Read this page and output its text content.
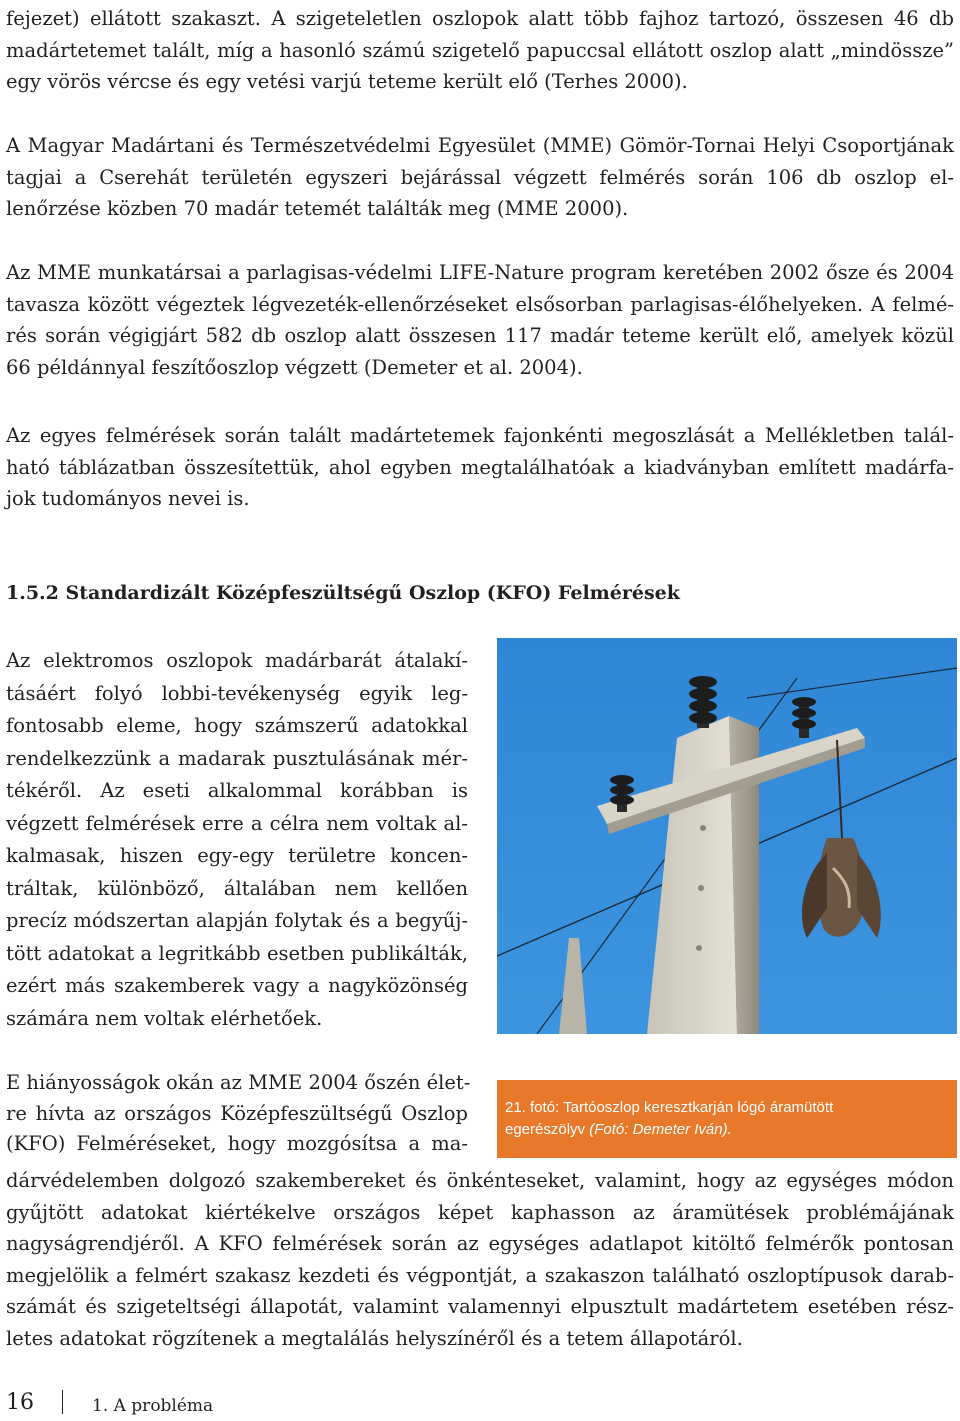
fejezet) ellátott szakaszt. A szigeteletlen oszlopok alatt több fajhoz tartozó, összesen 46 db
madártetemet talált, míg a hasonló számú szigetelő papuccsal ellátott oszlop alatt „mindössze”
egy vörös vércse és egy vetési varjú teteme került elő (Terhes 2000).
A Magyar Madártani és Természetvédelmi Egyesület (MME) Gömör-Tornai Helyi Csoportjának
tagjai a Cserehát területén egyszeri bejárással végzett felmérés során 106 db oszlop el-
lenőrzése közben 70 madár tetemét találták meg (MME 2000).
Az MME munkatársai a parlagisas-védelmi LIFE-Nature program keretében 2002 ősze és 2004
tavasza között végeztek légvezeték-ellenőrzéseket elsősorban parlagisas-élőhelyeken. A felmé-
rés során végigjárt 582 db oszlop alatt összesen 117 madár teteme került elő, amelyek közül
66 példánnyal feszítőoszlop végzett (Demeter et al. 2004).
Az egyes felmérések során talált madártetemek fajonkénti megoszlását a Mellékletben talál-
ható táblázatban összesítettük, ahol egyben megtalálhatóak a kiadványban említett madárfa-
jok tudományos nevei is.
1.5.2 Standardizált Középfeszültségű Oszlop (KFO) Felmérések
Az elektromos oszlopok madárbarát átalakí-
tásáért folyó lobbi-tevékenység egyik leg-
fontosabb eleme, hogy számszerű adatokkal
rendelkezzünk a madarak pusztulásának mér-
tékéről. Az eseti alkalommal korábban is
végzett felmérések erre a célra nem voltak al-
kalmasak, hiszen egy-egy területre koncen-
tráltak, különböző, általában nem kellően
precíz módszertan alapján folytak és a begyűj-
tött adatokat a legritkább esetben publikálták,
ezért más szakemberek vagy a nagyközönség
számára nem voltak elérhetőek.

21. fotó: Tartóoszlop keresztkarján lógó áramütött
egerészölyv (Fotó: Demeter Iván).

E hiányosságok okán az MME 2004 őszén élet-
re hívta az országos Középfeszültségű Oszlop
(KFO) Felméréseket, hogy mozgósítsa a ma-
dárvédelemben dolgozó szakembereket és önkénteseket, valamint, hogy az egységes módon
gyűjtött adatokat kiértékelve országos képet kaphasson az áramütések problémájának
nagyságrendjéről. A KFO felmérések során az egységes adatlapot kitöltő felmérők pontosan
megjelölik a felmért szakasz kezdeti és végpontját, a szakaszon található oszloptípusok darab-
számát és szigeteltségi állapotát, valamint valamennyi elpusztult madártetem esetében rész-
letes adatokat rögzítenek a megtalálás helyszínéről és a tetem állapotáról.
16	1. A probléma
